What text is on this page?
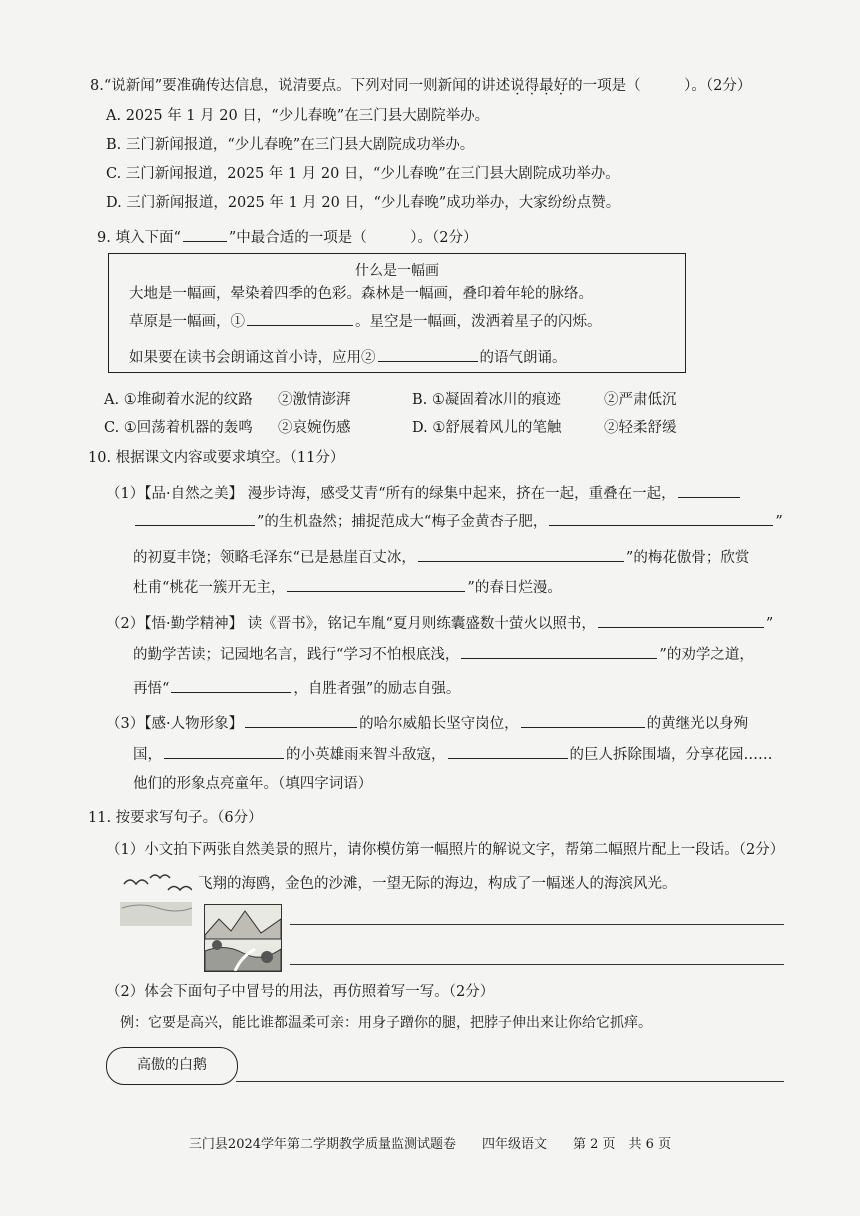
8.“说新闻”要准确传达信息，说清要点。下列对同一则新闻的讲述说得最好的一项是（　　　）。（2分）
A. 2025 年 1 月 20 日，“少儿春晚”在三门县大剧院举办。
B. 三门新闻报道，“少儿春晚”在三门县大剧院成功举办。
C. 三门新闻报道，2025 年 1 月 20 日，“少儿春晚”在三门县大剧院成功举办。
D. 三门新闻报道，2025 年 1 月 20 日，“少儿春晚”成功举办，大家纷纷点赞。
9. 填入下面“	”中最合适的一项是（　　　）。（2分）
什么是一幅画
大地是一幅画，晕染着四季的色彩。森林是一幅画，叠印着年轮的脉络。
草原是一幅画，①	。星空是一幅画，泼洒着星子的闪烁。
如果要在读书会朗诵这首小诗，应用②	的语气朗诵。
A. ①堆砌着水泥的纹路 ②激情澎湃	B. ①凝固着冰川的痕迹	②严肃低沉
C. ①回荡着机器的轰鸣 ②哀婉伤感	D. ①舒展着风儿的笔触	②轻柔舒缓
10. 根据课文内容或要求填空。（11分）
（1）【品·自然之美】 漫步诗海，感受艾青“所有的绿集中起来，挤在一起，重叠在一起，
”的生机盎然；捕捉范成大“梅子金黄杏子肥，	”
的初夏丰饶；领略毛泽东“已是悬崖百丈冰，	”的梅花傲骨；欣赏
杜甫“桃花一簇开无主，	”的春日烂漫。
（2）【悟·勤学精神】 读《晋书》，铭记车胤“夏月则练囊盛数十萤火以照书，	”
的勤学苦读；记园地名言，践行“学习不怕根底浅，	”的劝学之道，
再悟“	，自胜者强”的励志自强。
（3）【感·人物形象】	的哈尔威船长坚守岗位，	的黄继光以身殉
国，	的小英雄雨来智斗敌寇，	的巨人拆除围墙，分享花园……
他们的形象点亮童年。（填四字词语）
11. 按要求写句子。（6分）
（1）小文拍下两张自然美景的照片，请你模仿第一幅照片的解说文字，帮第二幅照片配上一段话。（2分）
飞翔的海鸥，金色的沙滩，一望无际的海边，构成了一幅迷人的海滨风光。
（2）体会下面句子中冒号的用法，再仿照着写一写。（2分）
例：它要是高兴，能比谁都温柔可亲：用身子蹭你的腿，把脖子伸出来让你给它抓痒。
高傲的白鹅
三门县2024学年第二学期教学质量监测试题卷　　四年级语文　　第 2 页　共 6 页
